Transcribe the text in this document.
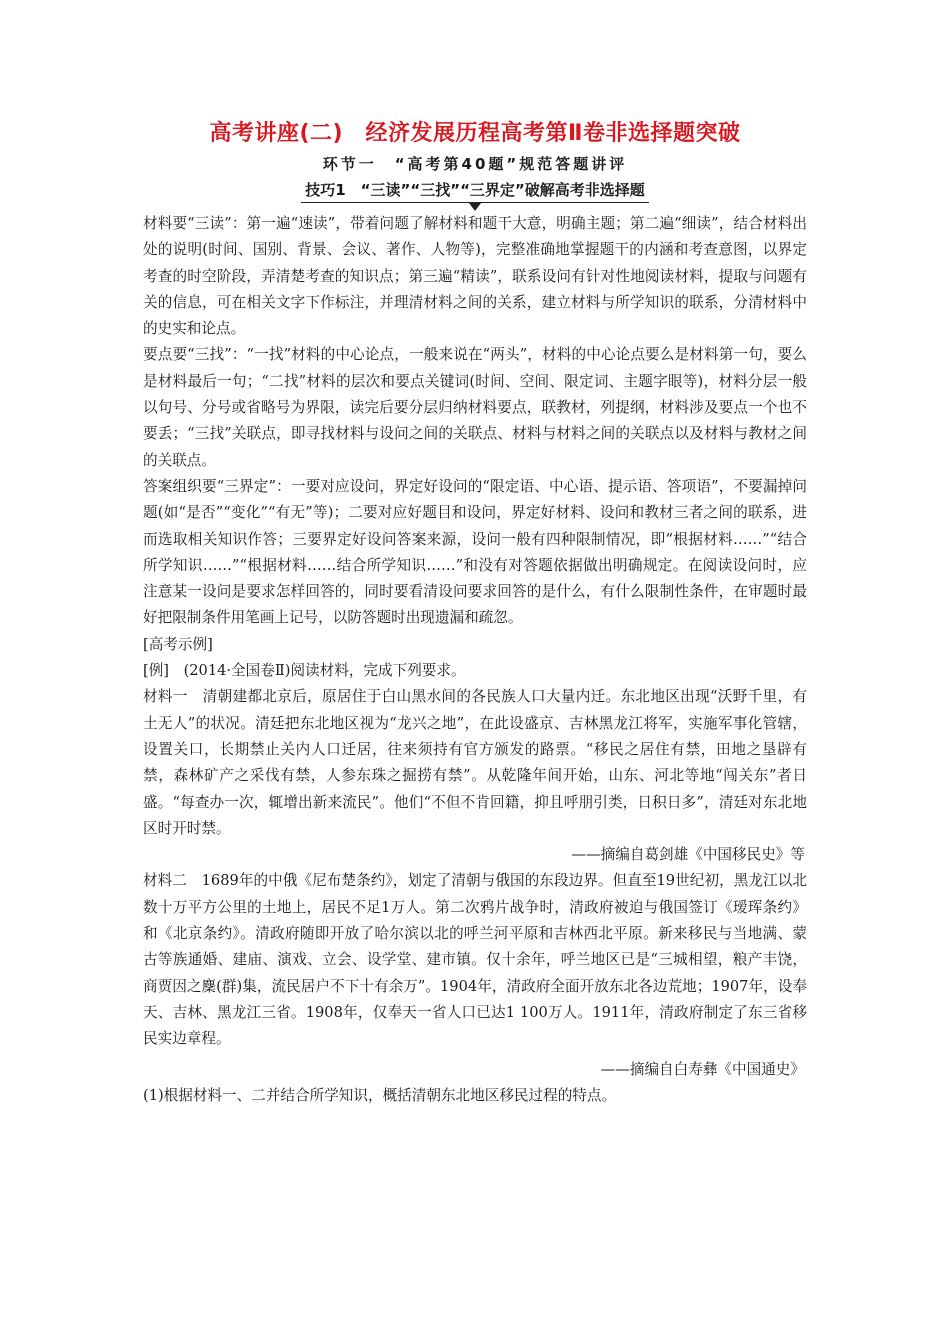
高考讲座(二)　经济发展历程高考第Ⅱ卷非选择题突破
环节一　“高考第40题”规范答题讲评
技巧1　“三读”“三找”“三界定”破解高考非选择题

材料要“三读”：第一遍“速读”，带着问题了解材料和题干大意，明确主题；第二遍“细读”，结合材料出处的说明(时间、国别、背景、会议、著作、人物等)，完整准确地掌握题干的内涵和考查意图，以界定考查的时空阶段，弄清楚考查的知识点；第三遍“精读”，联系设问有针对性地阅读材料，提取与问题有关的信息，可在相关文字下作标注，并理清材料之间的关系，建立材料与所学知识的联系，分清材料中的史实和论点。

要点要“三找”：“一找”材料的中心论点，一般来说在“两头”，材料的中心论点要么是材料第一句，要么是材料最后一句；“二找”材料的层次和要点关键词(时间、空间、限定词、主题字眼等)，材料分层一般以句号、分号或省略号为界限，读完后要分层归纳材料要点，联教材，列提纲，材料涉及要点一个也不要丢；“三找”关联点，即寻找材料与设问之间的关联点、材料与材料之间的关联点以及材料与教材之间的关联点。

答案组织要“三界定”：一要对应设问，界定好设问的“限定语、中心语、提示语、答项语”，不要漏掉问题(如“是否”“变化”“有无”等)；二要对应好题目和设问，界定好材料、设问和教材三者之间的联系，进而选取相关知识作答；三要界定好设问答案来源，设问一般有四种限制情况，即“根据材料……”“结合所学知识……”“根据材料……结合所学知识……”和没有对答题依据做出明确规定。在阅读设问时，应注意某一设问是要求怎样回答的，同时要看清设问要求回答的是什么，有什么限制性条件，在审题时最好把限制条件用笔画上记号，以防答题时出现遗漏和疏忽。

[高考示例]

[例]　(2014·全国卷Ⅱ)阅读材料，完成下列要求。

材料一　清朝建都北京后，原居住于白山黑水间的各民族人口大量内迁。东北地区出现“沃野千里，有土无人”的状况。清廷把东北地区视为“龙兴之地”，在此设盛京、吉林黑龙江将军，实施军事化管辖，设置关口，长期禁止关内人口迁居，往来须持有官方颁发的路票。“移民之居住有禁，田地之垦辟有禁，森林矿产之采伐有禁，人参东珠之掘捞有禁”。从乾隆年间开始，山东、河北等地“闯关东”者日盛。“每查办一次，辄增出新来流民”。他们“不但不肯回籍，抑且呼朋引类，日积日多”，清廷对东北地区时开时禁。

——摘编自葛剑雄《中国移民史》等

材料二　1689年的中俄《尼布楚条约》，划定了清朝与俄国的东段边界。但直至19世纪初，黑龙江以北数十万平方公里的土地上，居民不足1万人。第二次鸦片战争时，清政府被迫与俄国签订《瑷珲条约》和《北京条约》。清政府随即开放了哈尔滨以北的呼兰河平原和吉林西北平原。新来移民与当地满、蒙古等族通婚、建庙、演戏、立会、设学堂、建市镇。仅十余年，呼兰地区已是“三城相望，粮产丰饶，商贾因之麇(群)集，流民居户不下十有余万”。1904年，清政府全面开放东北各边荒地；1907年，设奉天、吉林、黑龙江三省。1908年，仅奉天一省人口已达1 100万人。1911年，清政府制定了东三省移民实边章程。

——摘编自白寿彝《中国通史》

(1)根据材料一、二并结合所学知识，概括清朝东北地区移民过程的特点。
